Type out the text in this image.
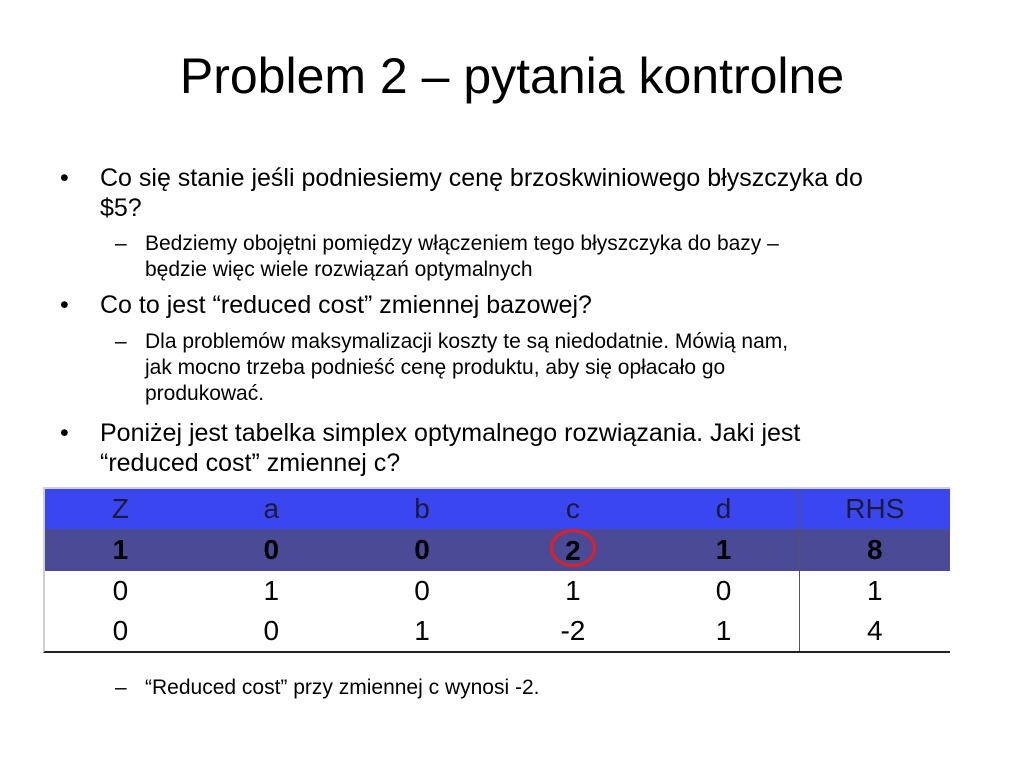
Problem 2 – pytania kontrolne
• Co się stanie jeśli podniesiemy cenę brzoskwiniowego błyszczyka do
$5?
– Bedziemy obojętni pomiędzy włączeniem tego błyszczyka do bazy –
będzie więc wiele rozwiązań optymalnych
• Co to jest “reduced cost” zmiennej bazowej?
– Dla problemów maksymalizacji koszty te są niedodatnie. Mówią nam,
jak mocno trzeba podnieść cenę produktu, aby się opłacało go
produkować.
• Poniżej jest tabelka simplex optymalnego rozwiązania. Jaki jest
“reduced cost” zmiennej c?
Z	a	b	c	d	RHS
1	0	0	2	1	8
0	1	0	1	0	1
0	0	1	-2	1	4
– “Reduced cost” przy zmiennej c wynosi -2.
